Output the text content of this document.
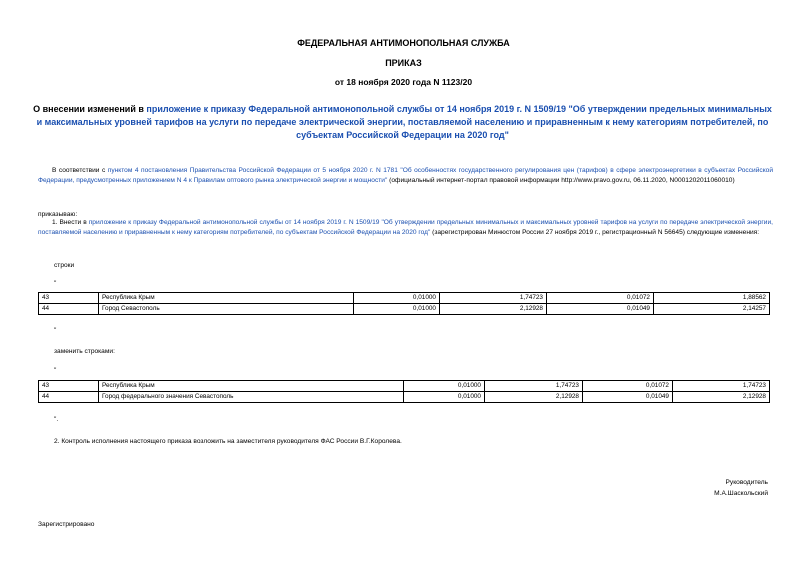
ФЕДЕРАЛЬНАЯ АНТИМОНОПОЛЬНАЯ СЛУЖБА
ПРИКАЗ
от 18 ноября 2020 года N 1123/20
О внесении изменений в приложение к приказу Федеральной антимонопольной службы от 14 ноября 2019 г. N 1509/19 "Об утверждении предельных минимальных и максимальных уровней тарифов на услуги по передаче электрической энергии, поставляемой населению и приравненным к нему категориям потребителей, по субъектам Российской Федерации на 2020 год"
В соответствии с пунктом 4 постановления Правительства Российской Федерации от 5 ноября 2020 г. N 1781 "Об особенностях государственного регулирования цен (тарифов) в сфере электроэнергетики в субъектах Российской Федерации, предусмотренных приложением N 4 к Правилам оптового рынка электрической энергии и мощности" (официальный интернет-портал правовой информации http://www.pravo.gov.ru, 06.11.2020, N0001202011060010)
приказываю:
1. Внести в приложение к приказу Федеральной антимонопольной службы от 14 ноября 2019 г. N 1509/19 "Об утверждении предельных минимальных и максимальных уровней тарифов на услуги по передаче электрической энергии, поставляемой населению и приравненным к нему категориям потребителей, по субъектам Российской Федерации на 2020 год" (зарегистрирован Минюстом России 27 ноября 2019 г., регистрационный N 56645) следующие изменения:
строки
"
43	Республика Крым	0,01000	1,74723	0,01072	1,88562
44	Город Севастополь	0,01000	2,12928	0,01049	2,14257
"
заменить строками:
"
43	Республика Крым	0,01000	1,74723	0,01072	1,74723
44	Город федерального значения Севастополь	0,01000	2,12928	0,01049	2,12928
".
2. Контроль исполнения настоящего приказа возложить на заместителя руководителя ФАС России В.Г.Королева.
Руководитель
М.А.Шаскольский
Зарегистрировано
